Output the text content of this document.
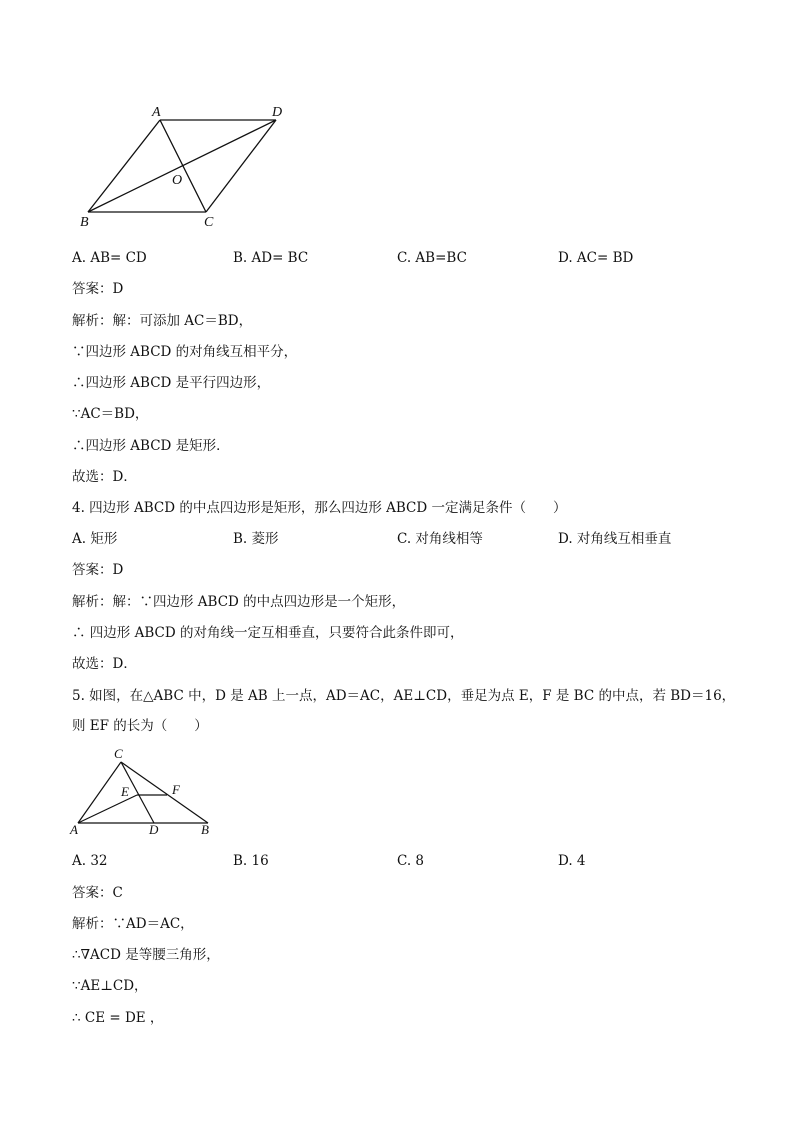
A	D
O
B	C
A. AB= CD	B. AD= BC	C. AB=BC	D. AC= BD
答案：D
解析：解：可添加 AC＝BD，
∵四边形 ABCD 的对角线互相平分，
∴四边形 ABCD 是平行四边形，
∵AC＝BD，
∴四边形 ABCD 是矩形．
故选：D．
4. 四边形 ABCD 的中点四边形是矩形，那么四边形 ABCD 一定满足条件（　　）
A. 矩形	B. 菱形	C. 对角线相等	D. 对角线互相垂直
答案：D
解析：解：∵四边形 ABCD 的中点四边形是一个矩形，
∴ 四边形 ABCD 的对角线一定互相垂直，只要符合此条件即可，
故选：D．
5. 如图，在△ABC 中，D 是 AB 上一点，AD＝AC，AE⊥CD，垂足为点 E，F 是 BC 的中点，若 BD＝16，
则 EF 的长为（　　）
C
E	F
A	D	B
A. 32	B. 16	C. 8	D. 4
答案：C
解析：∵AD＝AC，
∴∇ACD 是等腰三角形，
∵AE⊥CD，
∴ CE = DE ，
